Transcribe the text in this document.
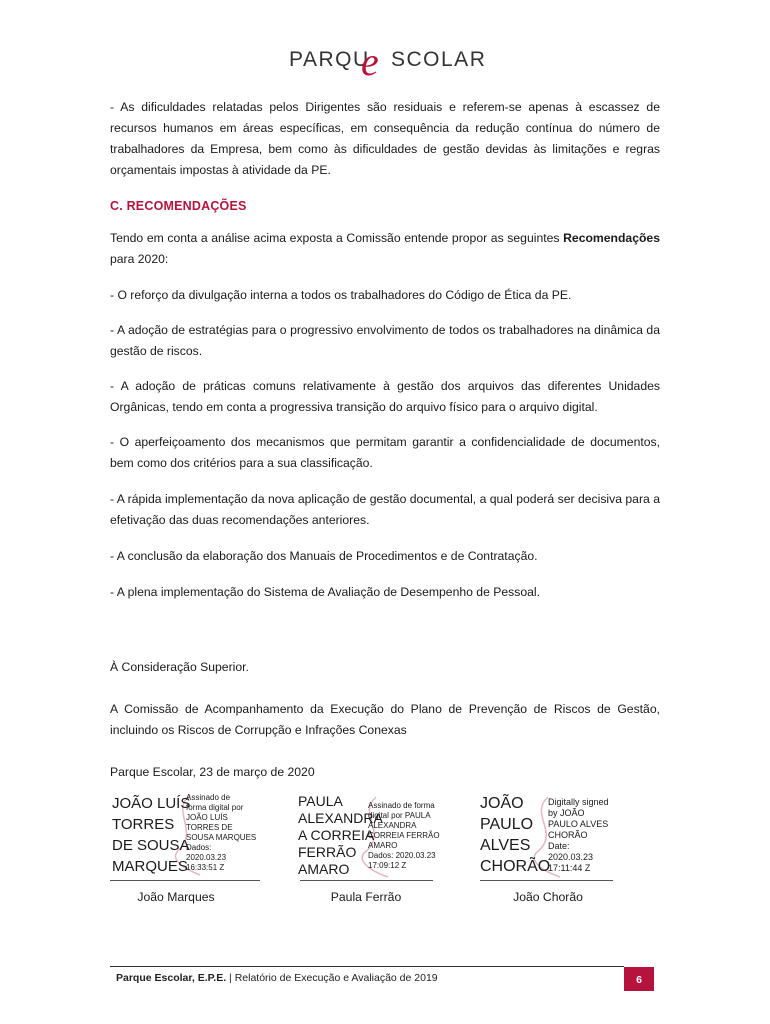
PARQU
e SCOLAR

- As dificuldades relatadas pelos Dirigentes são residuais e referem-se apenas à escassez de recursos humanos em áreas específicas, em consequência da redução contínua do número de trabalhadores da Empresa, bem como às dificuldades de gestão devidas às limitações e regras orçamentais impostas à atividade da PE.

C. RECOMENDAÇÕES

Tendo em conta a análise acima exposta a Comissão entende propor as seguintes Recomendações para 2020:

- O reforço da divulgação interna a todos os trabalhadores do Código de Ética da PE.

- A adoção de estratégias para o progressivo envolvimento de todos os trabalhadores na dinâmica da gestão de riscos.

- A adoção de práticas comuns relativamente à gestão dos arquivos das diferentes Unidades Orgânicas, tendo em conta a progressiva transição do arquivo físico para o arquivo digital.

- O aperfeiçoamento dos mecanismos que permitam garantir a confidencialidade de documentos, bem como dos critérios para a sua classificação.

- A rápida implementação da nova aplicação de gestão documental, a qual poderá ser decisiva para a efetivação das duas recomendações anteriores.

- A conclusão da elaboração dos Manuais de Procedimentos e de Contratação.

- A plena implementação do Sistema de Avaliação de Desempenho de Pessoal.

À Consideração Superior.

A Comissão de Acompanhamento da Execução do Plano de Prevenção de Riscos de Gestão, incluindo os Riscos de Corrupção e Infrações Conexas

Parque Escolar, 23 de março de 2020

JOÃO LUÍS
TORRES
DE SOUSA
MARQUES
Assinado de
forma digital por
JOÃO LUÍS
TORRES DE
SOUSA MARQUES
Dados:
2020.03.23
16:33:51 Z
PAULA
ALEXANDRA
A CORREIA
FERRÃO
AMARO
Assinado de forma
digital por PAULA
ALEXANDRA
CORREIA FERRÃO
AMARO
Dados: 2020.03.23
17:09:12 Z
JOÃO
PAULO
ALVES
CHORÃO
Digitally signed
by JOÃO
PAULO ALVES
CHORÃO
Date:
2020.03.23
17:11:44 Z
João Marques	Paula Ferrão	João Chorão
Parque Escolar, E.P.E. | Relatório de Execução e Avaliação de 2019	6
